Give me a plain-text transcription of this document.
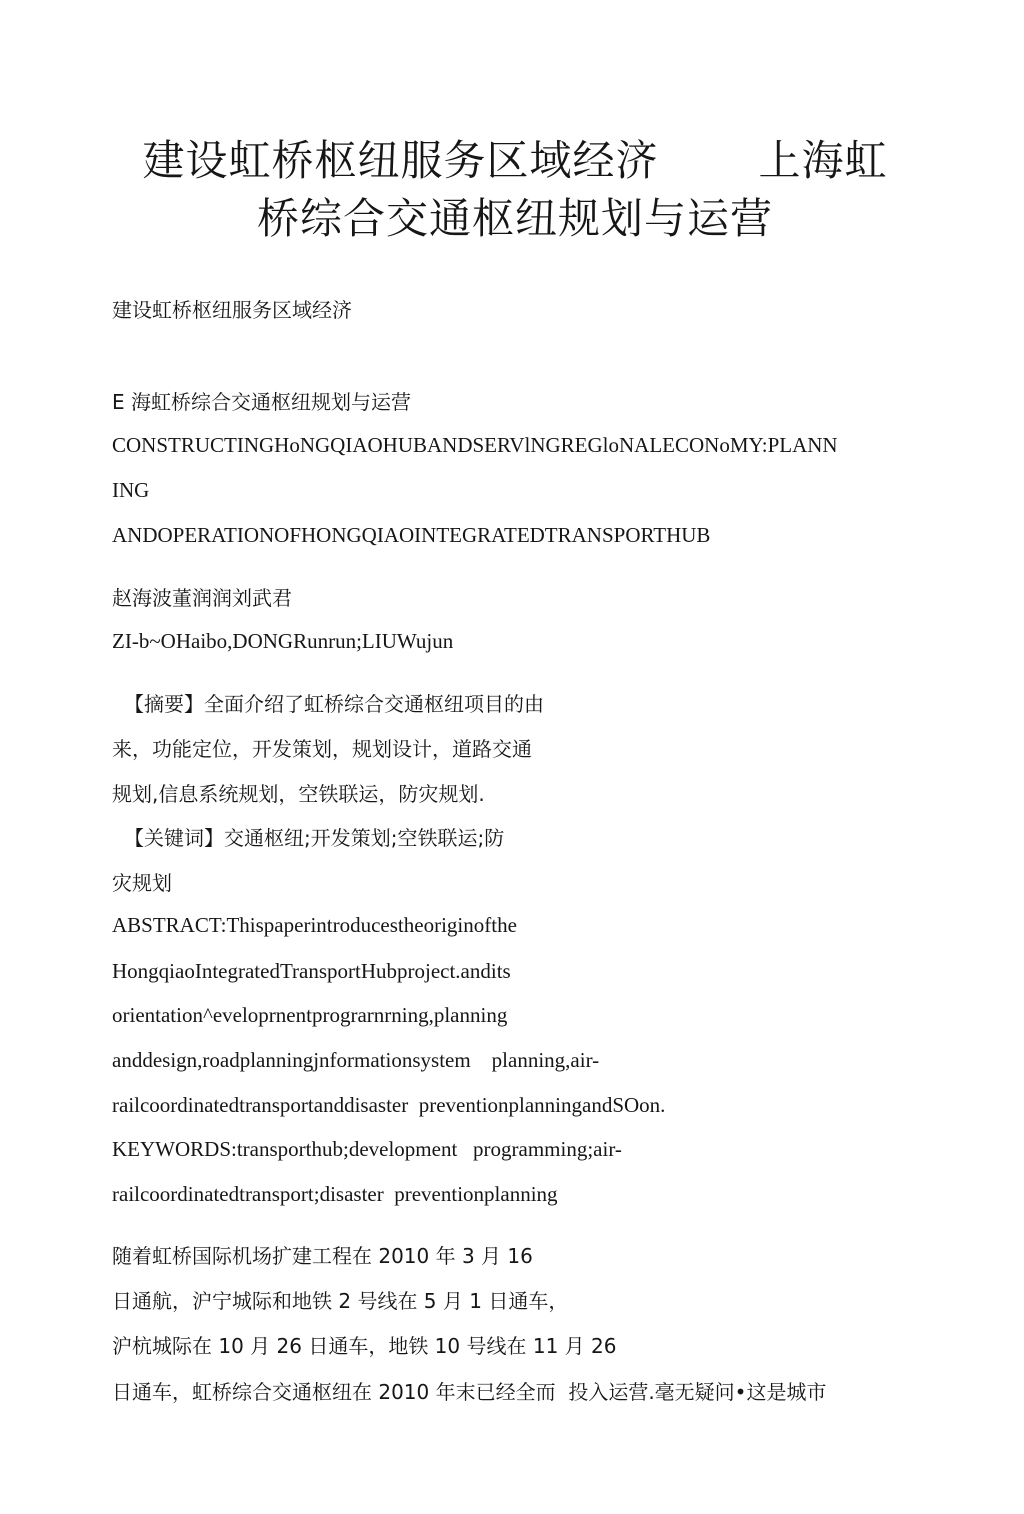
建设虹桥枢纽服务区域经济 上海虹
桥综合交通枢纽规划与运营
建设虹桥枢纽服务区域经济
E 海虹桥综合交通枢纽规划与运营
CONSTRUCTINGHoNGQIAOHUBANDSERVlNGREGloNALECONoMY:PLANN
ING
ANDOPERATIONOFHONGQIAOINTEGRATEDTRANSPORTHUB
赵海波董润润刘武君
ZI-b~OHaibo,DONGRunrun;LIUWujun
【摘要】全面介绍了虹桥综合交通枢纽项目的由
来，功能定位，开发策划，规划设计，道路交通
规划,信息系统规划，空铁联运，防灾规划.
【关键词】交通枢纽;开发策划;空铁联运;防
灾规划
ABSTRACT:Thispaperintroducestheoriginofthe
HongqiaoIntegratedTransportHubproject.andits
orientation^eveloprnentprograrnrning,planning
anddesign,roadplanningjnformationsystem    planning,air-
railcoordinatedtransportanddisaster  preventionplanningandSOon.
KEYWORDS:transporthub;development   programming;air-
railcoordinatedtransport;disaster  preventionplanning
随着虹桥国际机场扩建工程在 2010 年 3 月 16
日通航，沪宁城际和地铁 2 号线在 5 月 1 日通车，
沪杭城际在 10 月 26 日通车，地铁 10 号线在 11 月 26
日通车，虹桥综合交通枢纽在 2010 年末已经全而  投入运营.毫无疑问•这是城市
